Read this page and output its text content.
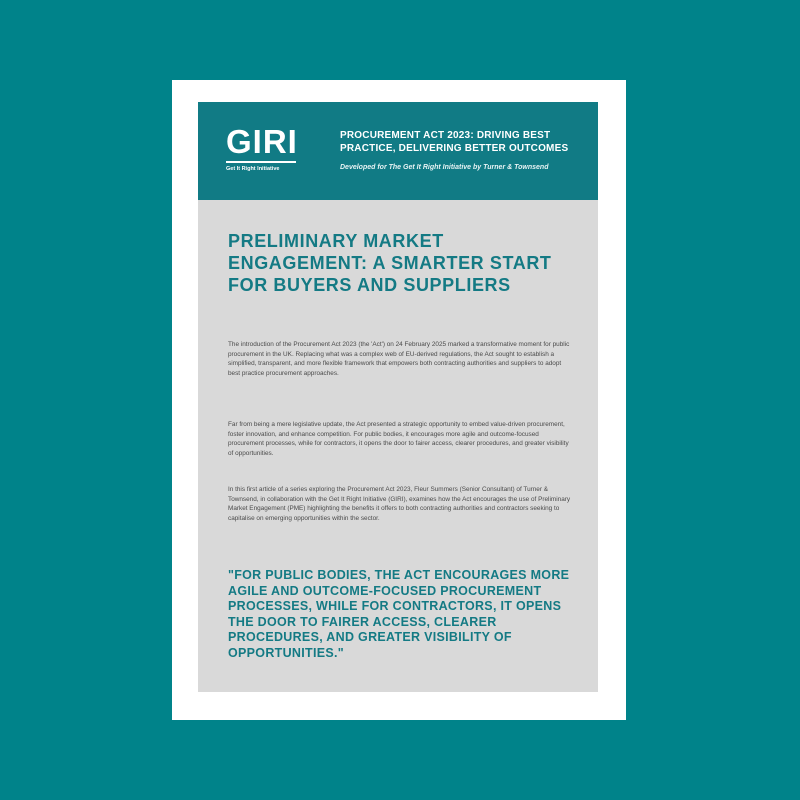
GIRI
Get It Right Initiative
PROCUREMENT ACT 2023: DRIVING BEST PRACTICE, DELIVERING BETTER OUTCOMES
Developed for The Get It Right Initiative by Turner & Townsend
PRELIMINARY MARKET ENGAGEMENT: A SMARTER START FOR BUYERS AND SUPPLIERS

The introduction of the Procurement Act 2023 (the 'Act') on 24 February 2025 marked a transformative moment for public procurement in the UK. Replacing what was a complex web of EU-derived regulations, the Act sought to establish a simplified, transparent, and more flexible framework that empowers both contracting authorities and suppliers to adopt best practice procurement approaches.

Far from being a mere legislative update, the Act presented a strategic opportunity to embed value-driven procurement, foster innovation, and enhance competition. For public bodies, it encourages more agile and outcome-focused procurement processes, while for contractors, it opens the door to fairer access, clearer procedures, and greater visibility of opportunities.

In this first article of a series exploring the Procurement Act 2023, Fleur Summers (Senior Consultant) of Turner & Townsend, in collaboration with the Get It Right Initiative (GIRI), examines how the Act encourages the use of Preliminary Market Engagement (PME) highlighting the benefits it offers to both contracting authorities and contractors seeking to capitalise on emerging opportunities within the sector.

"FOR PUBLIC BODIES, THE ACT ENCOURAGES MORE AGILE AND OUTCOME-FOCUSED PROCUREMENT PROCESSES, WHILE FOR CONTRACTORS, IT OPENS THE DOOR TO FAIRER ACCESS, CLEARER PROCEDURES, AND GREATER VISIBILITY OF OPPORTUNITIES."
